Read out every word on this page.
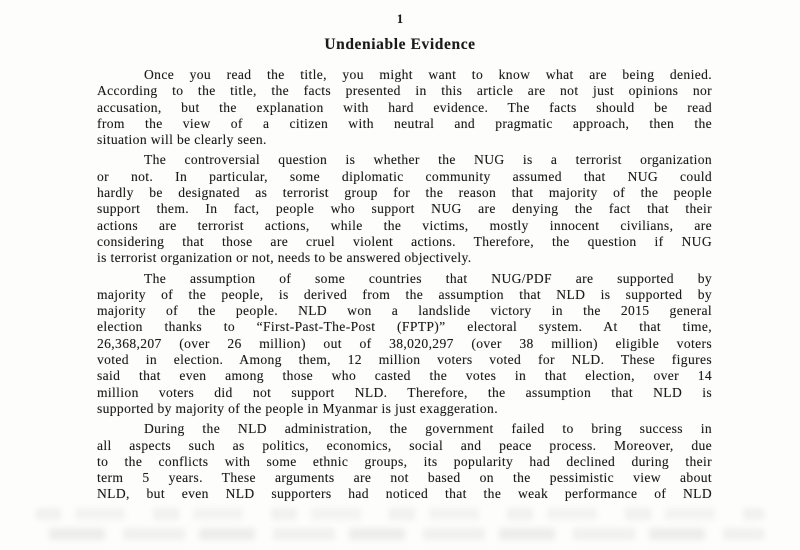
1
Undeniable Evidence
Once you read the title, you might want to know what are being denied.
According to the title, the facts presented in this article are not just opinions nor
accusation, but the explanation with hard evidence. The facts should be read
from the view of a citizen with neutral and pragmatic approach, then the
situation will be clearly seen.
The controversial question is whether the NUG is a terrorist organization
or not. In particular, some diplomatic community assumed that NUG could
hardly be designated as terrorist group for the reason that majority of the people
support them. In fact, people who support NUG are denying the fact that their
actions are terrorist actions, while the victims, mostly innocent civilians, are
considering that those are cruel violent actions. Therefore, the question if NUG
is terrorist organization or not, needs to be answered objectively.
The assumption of some countries that NUG/PDF are supported by
majority of the people, is derived from the assumption that NLD is supported by
majority of the people. NLD won a landslide victory in the 2015 general
election thanks to “First-Past-The-Post (FPTP)” electoral system. At that time,
26,368,207 (over 26 million) out of 38,020,297 (over 38 million) eligible voters
voted in election. Among them, 12 million voters voted for NLD. These figures
said that even among those who casted the votes in that election, over 14
million voters did not support NLD. Therefore, the assumption that NLD is
supported by majority of the people in Myanmar is just exaggeration.
During the NLD administration, the government failed to bring success in
all aspects such as politics, economics, social and peace process. Moreover, due
to the conflicts with some ethnic groups, its popularity had declined during their
term 5 years. These arguments are not based on the pessimistic view about
NLD, but even NLD supporters had noticed that the weak performance of NLD
